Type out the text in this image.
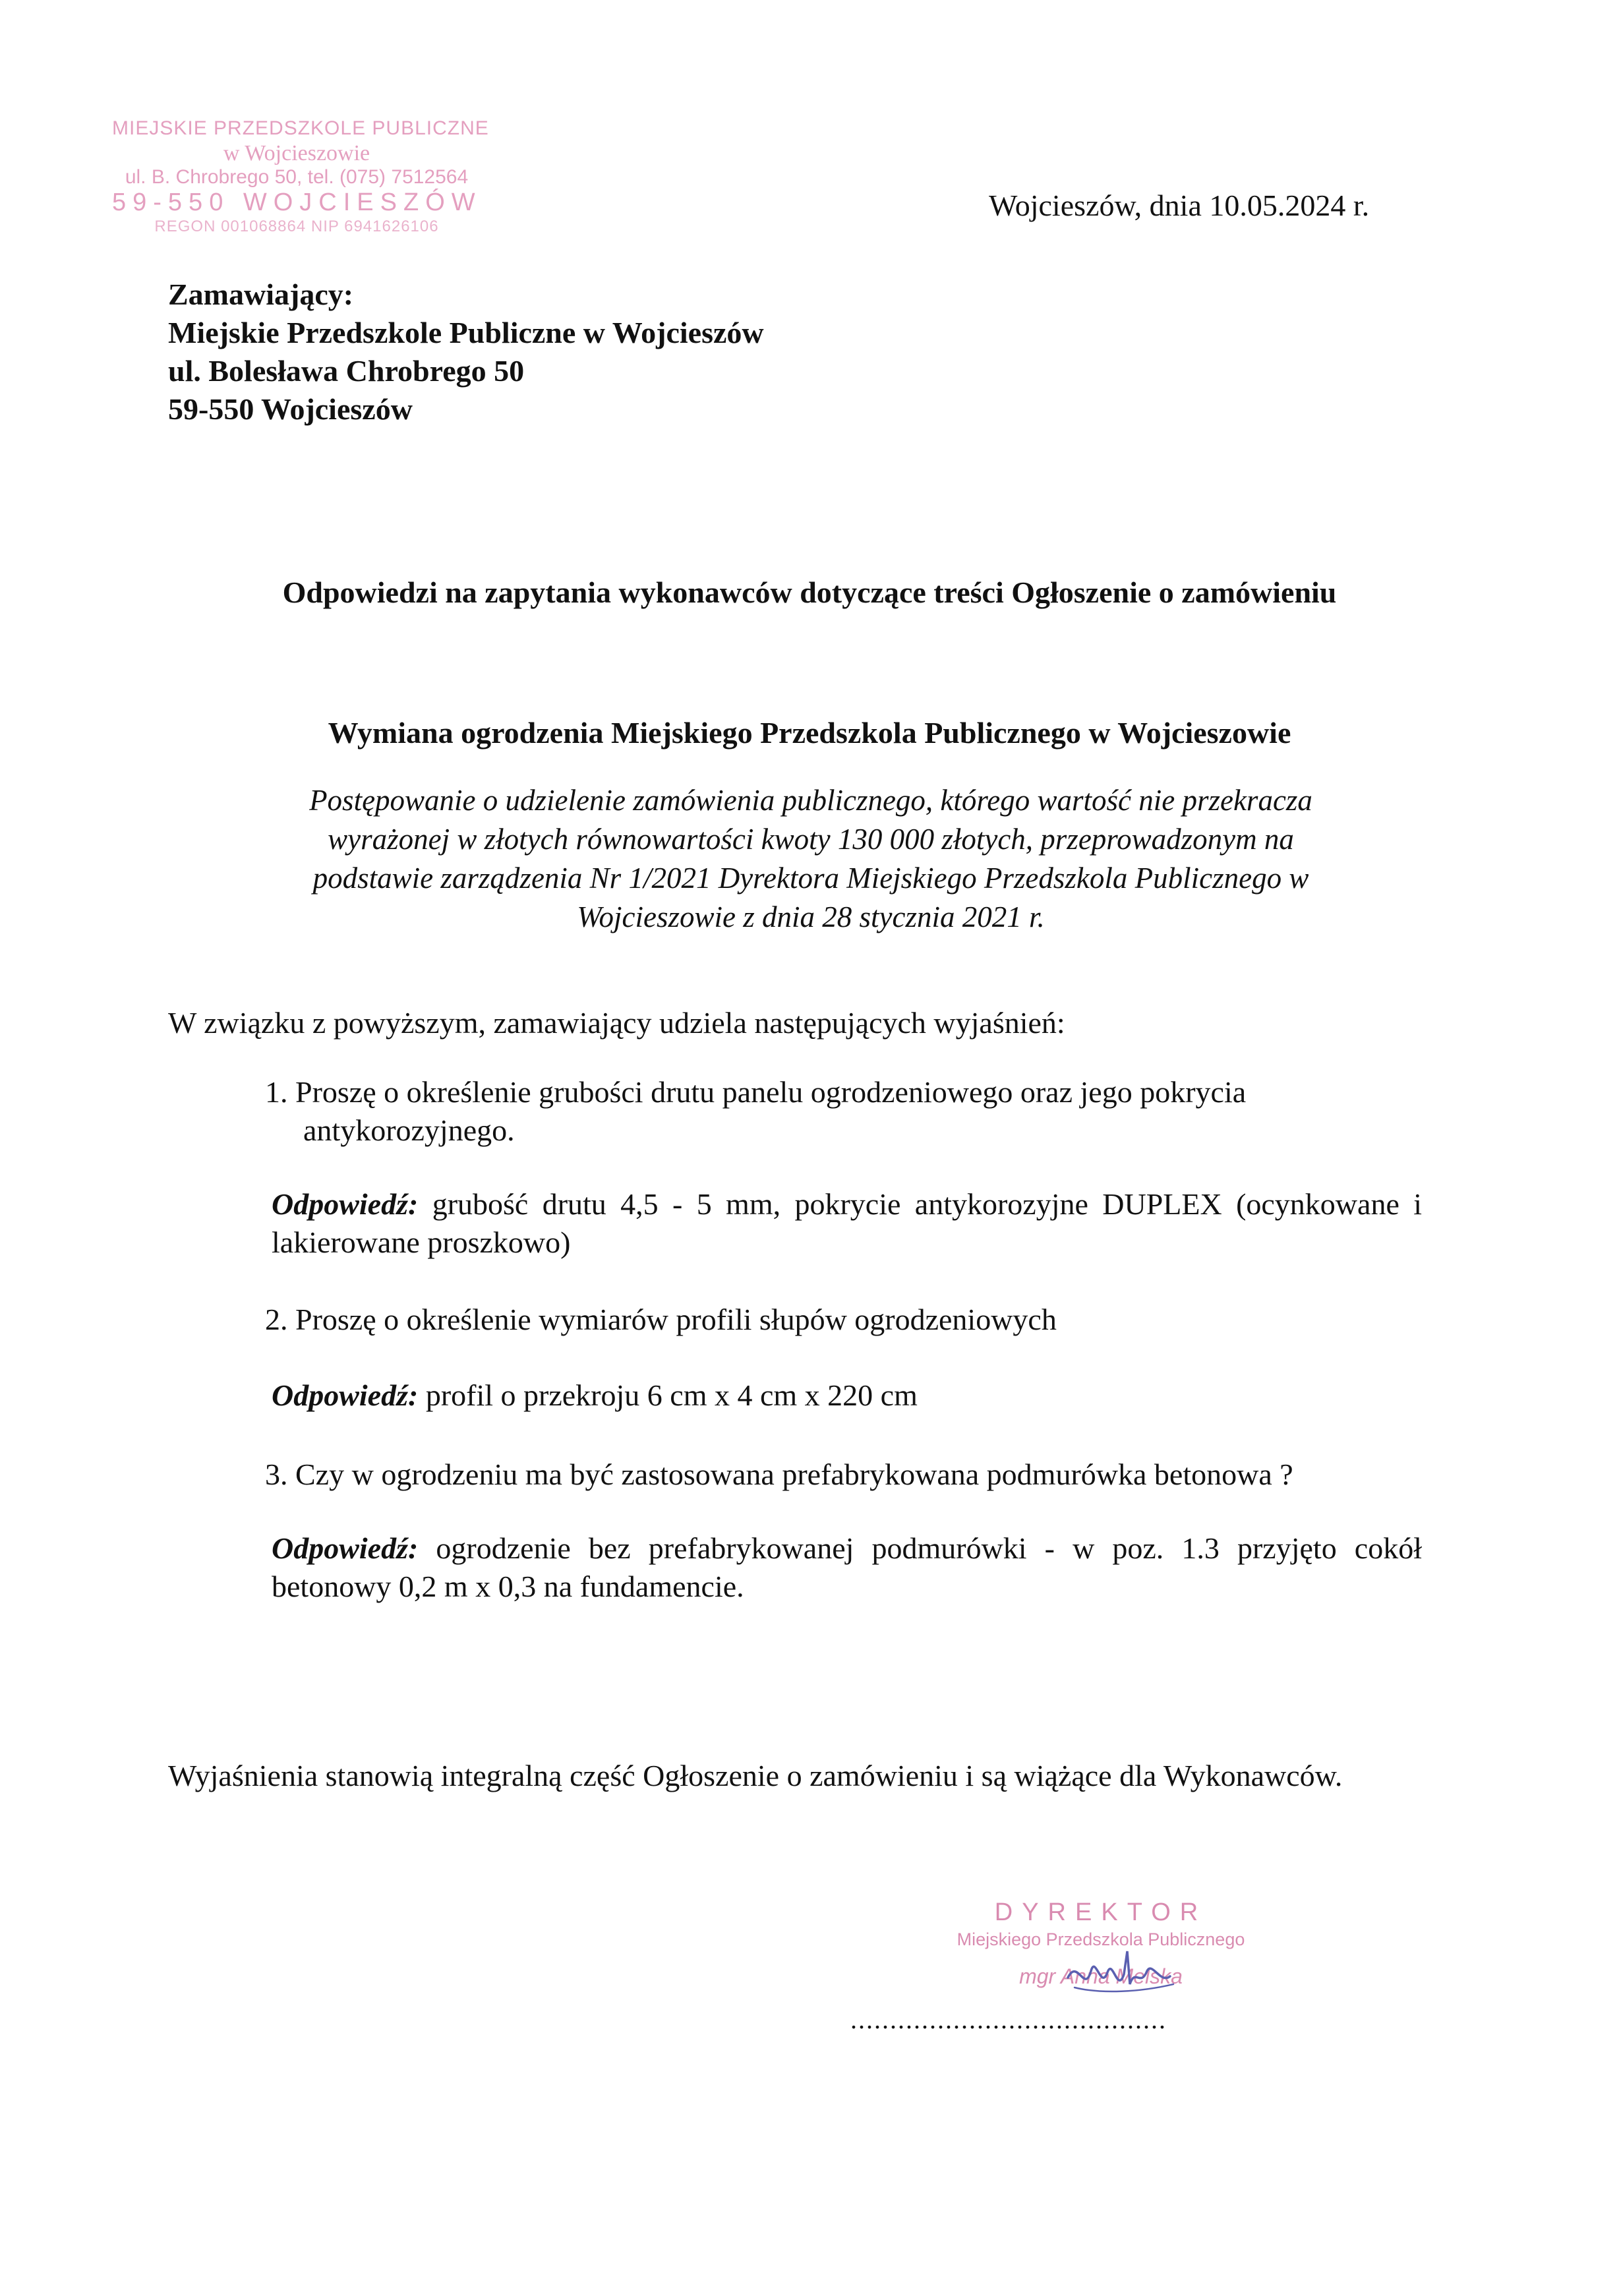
MIEJSKIE PRZEDSZKOLE PUBLICZNE
w Wojcieszowie
ul. B. Chrobrego 50, tel. (075) 7512564
59-550 WOJCIESZÓW
REGON 001068864 NIP 6941626106
Wojcieszów, dnia 10.05.2024 r.
Zamawiający:
Miejskie Przedszkole Publiczne w Wojcieszów
ul. Bolesława Chrobrego 50
59-550 Wojcieszów
Odpowiedzi na zapytania wykonawców dotyczące treści Ogłoszenie o zamówieniu
Wymiana ogrodzenia Miejskiego Przedszkola Publicznego w Wojcieszowie
Postępowanie o udzielenie zamówienia publicznego, którego wartość nie przekracza
wyrażonej w złotych równowartości kwoty 130 000 złotych, przeprowadzonym na
podstawie zarządzenia Nr 1/2021 Dyrektora Miejskiego Przedszkola Publicznego w
Wojcieszowie z dnia 28 stycznia 2021 r.
W związku z powyższym, zamawiający udziela następujących wyjaśnień:
1. Proszę o określenie grubości drutu panelu ogrodzeniowego oraz jego pokrycia
antykorozyjnego.
Odpowiedź: grubość drutu 4,5 - 5 mm, pokrycie antykorozyjne DUPLEX (ocynkowane i lakierowane proszkowo)
2. Proszę o określenie wymiarów profili słupów ogrodzeniowych
Odpowiedź: profil o przekroju 6 cm x 4 cm x 220 cm
3. Czy w ogrodzeniu ma być zastosowana prefabrykowana podmurówka betonowa ?
Odpowiedź: ogrodzenie bez prefabrykowanej podmurówki - w poz. 1.3 przyjęto cokół betonowy 0,2 m x 0,3 na fundamencie.
Wyjaśnienia stanowią integralną część Ogłoszenie o zamówieniu i są wiążące dla Wykonawców.
DYREKTOR
Miejskiego Przedszkola Publicznego
mgr Anna Melska
........................................
